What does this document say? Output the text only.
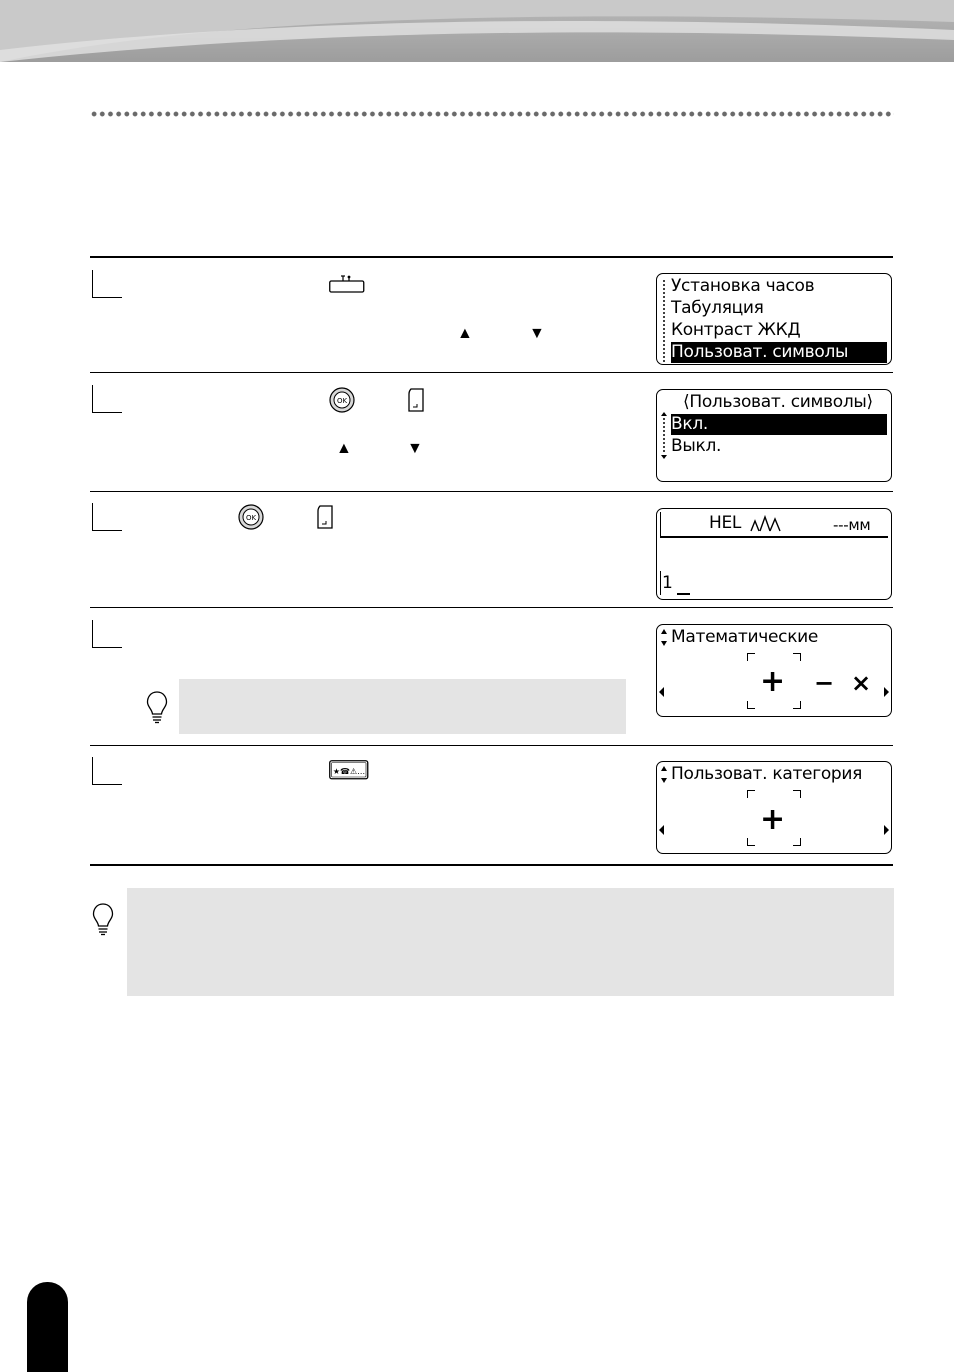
▲	▼
Установка часов
Табуляция
Контраст ЖКД
Пользоват. символы
OK
▲	▼
⟨Пользоват. символы⟩
Вкл.
Выкл.
OK	HEL	---мм
1
Математические
+ − ×
★☎⚠…	Пользоват. категория
+
